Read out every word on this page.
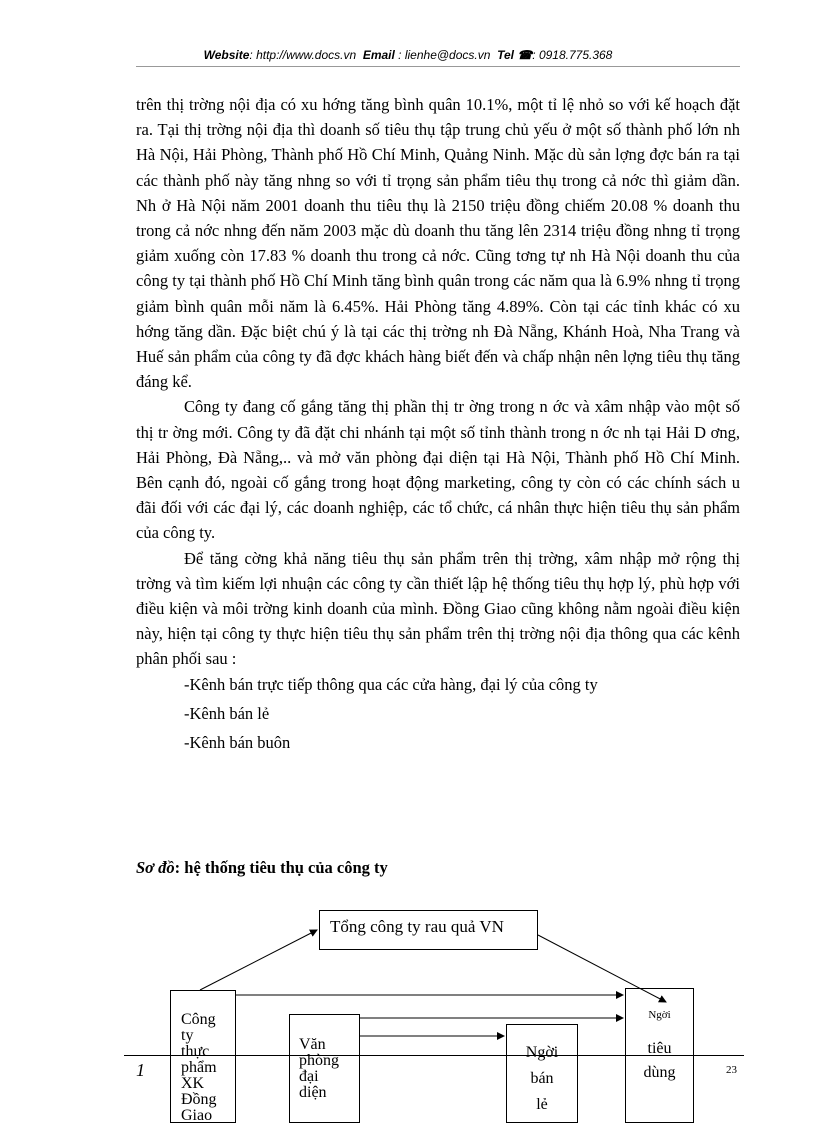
Website: http://www.docs.vn Email : lienhe@docs.vn Tel ☎: 0918.775.368

trên thị trờng nội địa có xu hớng tăng bình quân 10.1%, một tỉ lệ nhỏ so với kế hoạch đặt ra. Tại thị trờng nội địa thì doanh số tiêu thụ tập trung chủ yếu ở một số thành phố lớn nh Hà Nội, Hải Phòng, Thành phố Hồ Chí Minh, Quảng Ninh. Mặc dù sản lợng đợc bán ra tại các thành phố này tăng nhng so với tỉ trọng sản phẩm tiêu thụ trong cả nớc thì giảm dần. Nh ở Hà Nội năm 2001 doanh thu tiêu thụ là 2150 triệu đồng chiếm 20.08 % doanh thu trong cả nớc nhng đến năm 2003 mặc dù doanh thu tăng lên 2314 triệu đồng nhng tỉ trọng giảm xuống còn 17.83 % doanh thu trong cả nớc. Cũng tơng tự nh Hà Nội doanh thu của công ty tại thành phố Hồ Chí Minh tăng bình quân trong các năm qua là 6.9% nhng tỉ trọng giảm bình quân mỗi năm là 6.45%. Hải Phòng tăng 4.89%. Còn tại các tỉnh khác có xu hớng tăng dần. Đặc biệt chú ý là tại các thị trờng nh Đà Nẵng, Khánh Hoà, Nha Trang và Huế sản phẩm của công ty đã đợc khách hàng biết đến và chấp nhận nên lợng tiêu thụ tăng đáng kể.

Công ty đang cố gắng tăng thị phần thị tr ờng trong n ớc và xâm nhập vào một số thị tr ờng mới. Công ty đã đặt chi nhánh tại một số tỉnh thành trong n ớc nh tại Hải D ơng, Hải Phòng, Đà Nẵng,.. và mở văn phòng đại diện tại Hà Nội, Thành phố Hồ Chí Minh. Bên cạnh đó, ngoài cố gắng trong hoạt động marketing, công ty còn có các chính sách u đãi đối với các đại lý, các doanh nghiệp, các tổ chức, cá nhân thực hiện tiêu thụ sản phẩm của công ty.

Để tăng cờng khả năng tiêu thụ sản phẩm trên thị trờng, xâm nhập mở rộng thị trờng và tìm kiếm lợi nhuận các công ty cần thiết lập hệ thống tiêu thụ hợp lý, phù hợp với điều kiện và môi trờng kinh doanh của mình. Đồng Giao cũng không nằm ngoài điều kiện này, hiện tại công ty thực hiện tiêu thụ sản phẩm trên thị trờng nội địa thông qua các kênh phân phối sau :

-Kênh bán trực tiếp thông qua các cửa hàng, đại lý của công ty

-Kênh bán lẻ

-Kênh bán buôn

Sơ đồ: hệ thống tiêu thụ của công ty
Tổng công ty rau quả VN

Công
ty
thực
phẩm
XK
Đồng
Giao

Văn
phòng
đại
diện

Ngời

bán

lẻ

Ngời
tiêu

dùng
1	23
